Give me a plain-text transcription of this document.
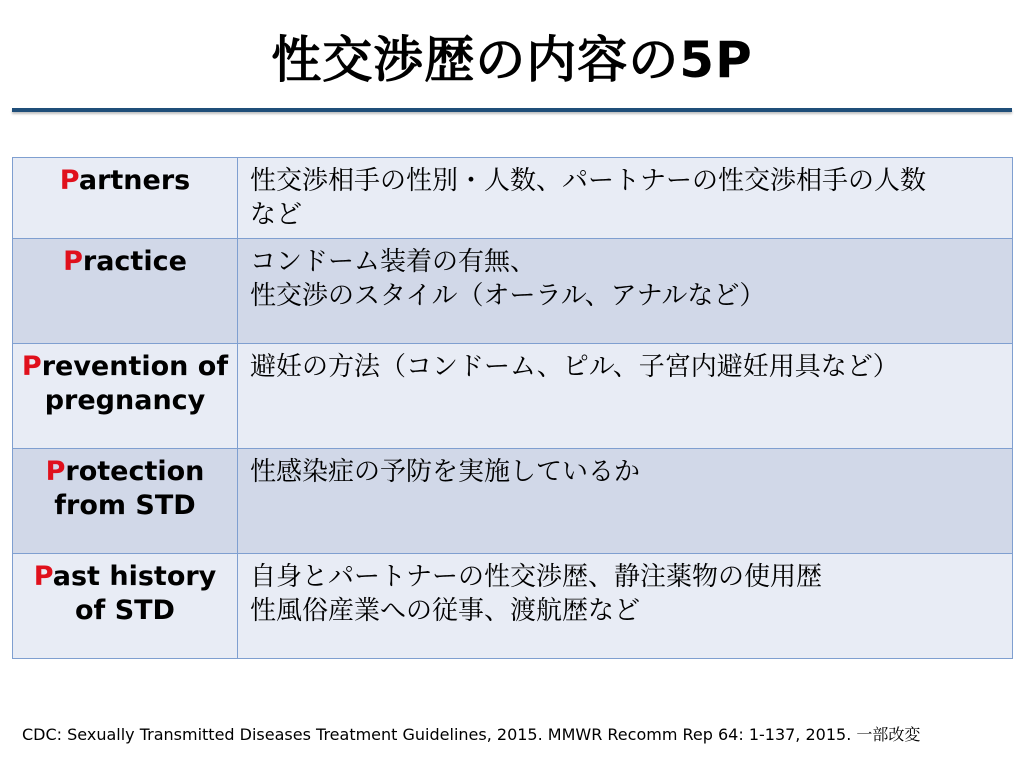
性交渉歴の内容の5P
Partners	性交渉相手の性別・人数、パートナーの性交渉相手の人数
など

Practice	コンドーム装着の有無、
性交渉のスタイル（オーラル、アナルなど）

Prevention of
pregnancy	避妊の方法（コンドーム、ピル、子宮内避妊用具など）

Protection
from STD	性感染症の予防を実施しているか

Past history
of STD	自身とパートナーの性交渉歴、静注薬物の使用歴
性風俗産業への従事、渡航歴など
CDC: Sexually Transmitted Diseases Treatment Guidelines, 2015. MMWR Recomm Rep 64: 1-137, 2015. 一部改変
